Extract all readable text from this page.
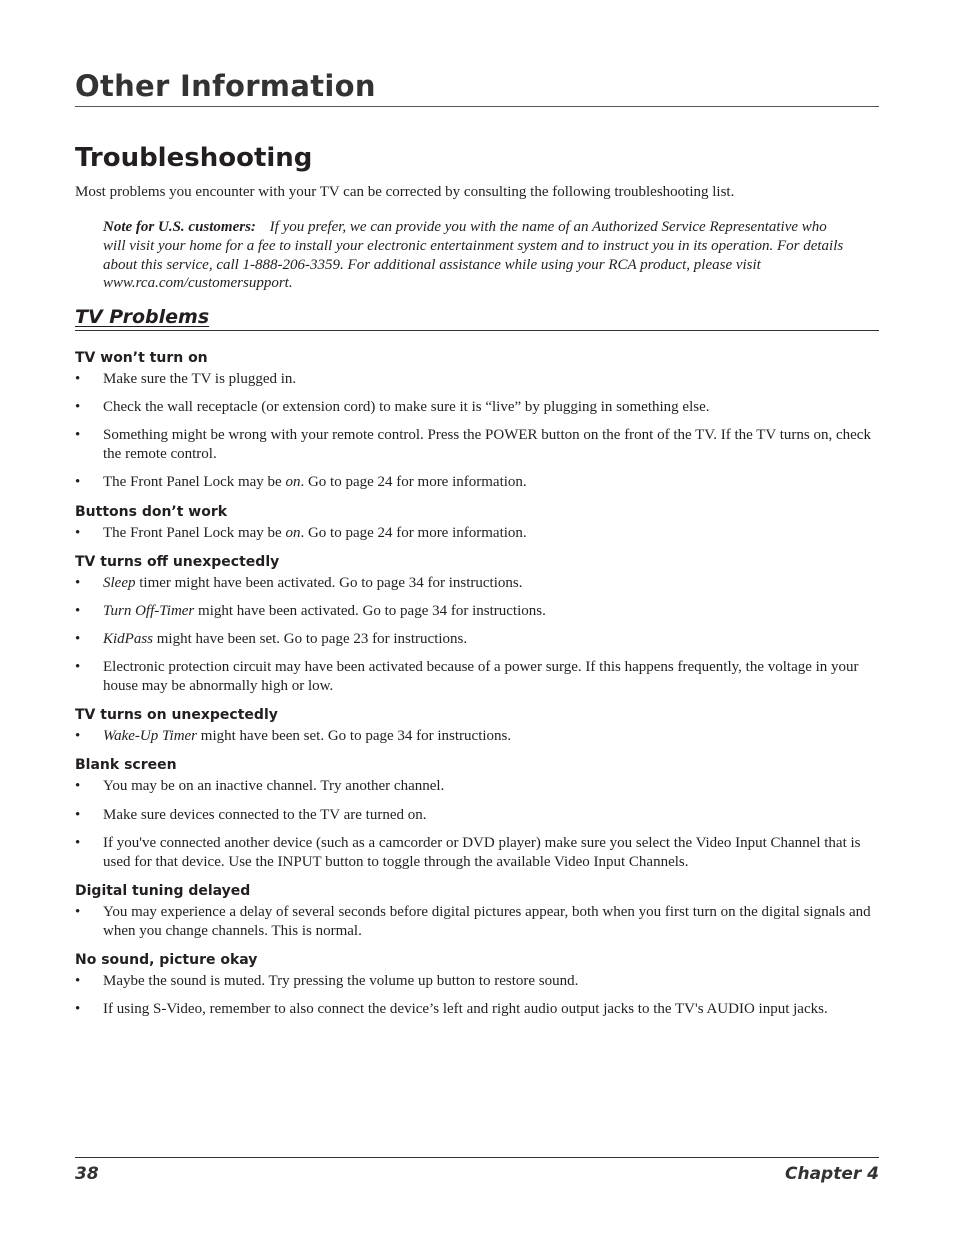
Other Information
Troubleshooting

Most problems you encounter with your TV can be corrected by consulting the following troubleshooting list.

Note for U.S. customers: If you prefer, we can provide you with the name of an Authorized Service Representative who will visit your home for a fee to install your electronic entertainment system and to instruct you in its operation. For details about this service, call 1-888-206-3359. For additional assistance while using your RCA product, please visit www.rca.com/customersupport.

TV Problems
TV won’t turn on
• Make sure the TV is plugged in.
• Check the wall receptacle (or extension cord) to make sure it is “live” by plugging in something else.
• Something might be wrong with your remote control. Press the POWER button on the front of the TV. If the TV turns on, check the remote control.
• The Front Panel Lock may be on. Go to page 24 for more information.
Buttons don’t work
• The Front Panel Lock may be on. Go to page 24 for more information.
TV turns off unexpectedly
• Sleep timer might have been activated. Go to page 34 for instructions.
• Turn Off-Timer might have been activated. Go to page 34 for instructions.
• KidPass might have been set. Go to page 23 for instructions.
• Electronic protection circuit may have been activated because of a power surge. If this happens frequently, the voltage in your house may be abnormally high or low.
TV turns on unexpectedly
• Wake-Up Timer might have been set. Go to page 34 for instructions.
Blank screen
• You may be on an inactive channel. Try another channel.
• Make sure devices connected to the TV are turned on.
• If you've connected another device (such as a camcorder or DVD player) make sure you select the Video Input Channel that is used for that device. Use the INPUT button to toggle through the available Video Input Channels.
Digital tuning delayed
• You may experience a delay of several seconds before digital pictures appear, both when you first turn on the digital signals and when you change channels. This is normal.
No sound, picture okay
• Maybe the sound is muted. Try pressing the volume up button to restore sound.
• If using S-Video, remember to also connect the device’s left and right audio output jacks to the TV's AUDIO input jacks.
38	Chapter 4
